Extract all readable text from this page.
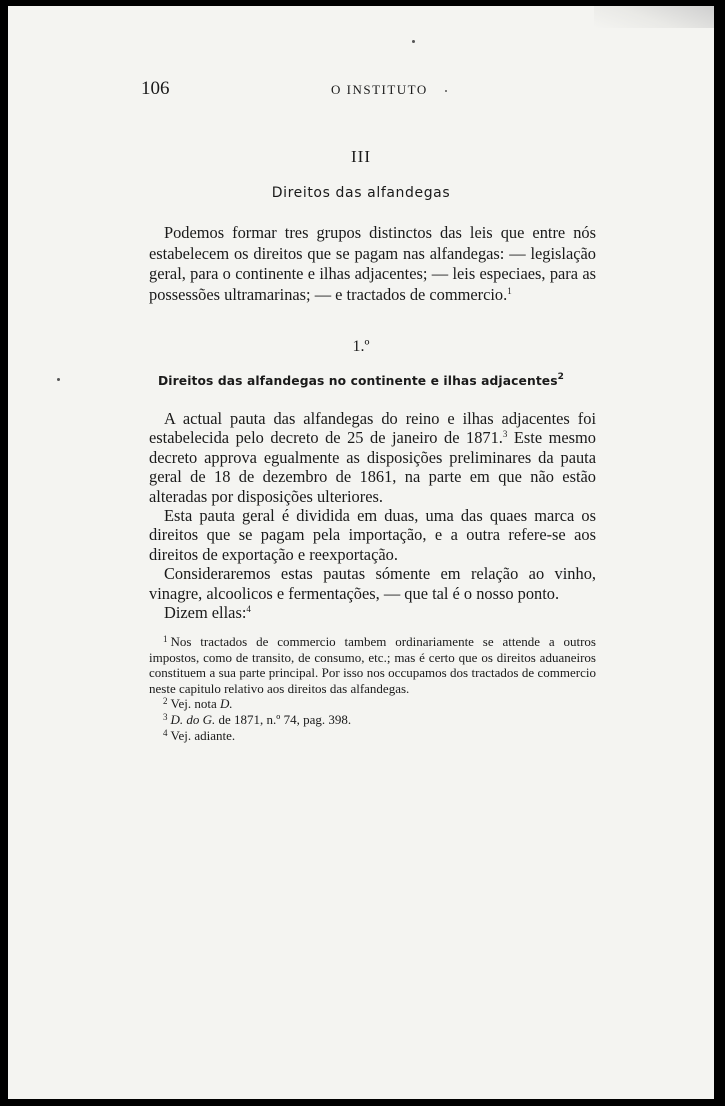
106	O INSTITUTO
III
Direitos das alfandegas

Podemos formar tres grupos distinctos das leis que entre nós estabelecem os direitos que se pagam nas alfandegas: — legislação geral, para o continente e ilhas adjacentes; — leis especiaes, para as possessões ultramarinas; — e tractados de commercio.$^1$

1.º
Direitos das alfandegas no continente e ilhas adjacentes$^2$

A actual pauta das alfandegas do reino e ilhas adjacentes foi estabelecida pelo decreto de 25 de janeiro de 1871.$^3$ Este mesmo decreto approva egualmente as disposições preliminares da pauta geral de 18 de dezembro de 1861, na parte em que não estão alteradas por disposições ulteriores.

Esta pauta geral é dividida em duas, uma das quaes marca os direitos que se pagam pela importação, e a outra refere-se aos direitos de exportação e reexportação.

Consideraremos estas pautas sómente em relação ao vinho, vinagre, alcoolicos e fermentações, — que tal é o nosso ponto.

Dizem ellas:$^4$

$^1$ Nos tractados de commercio tambem ordinariamente se attende a outros impostos, como de transito, de consumo, etc.; mas é certo que os direitos aduaneiros constituem a sua parte principal. Por isso nos occupamos dos tractados de commercio neste capitulo relativo aos direitos das alfandegas.

$^2$ Vej. nota D.

$^3$ D. do G. de 1871, n.º 74, pag. 398.

$^4$ Vej. adiante.
